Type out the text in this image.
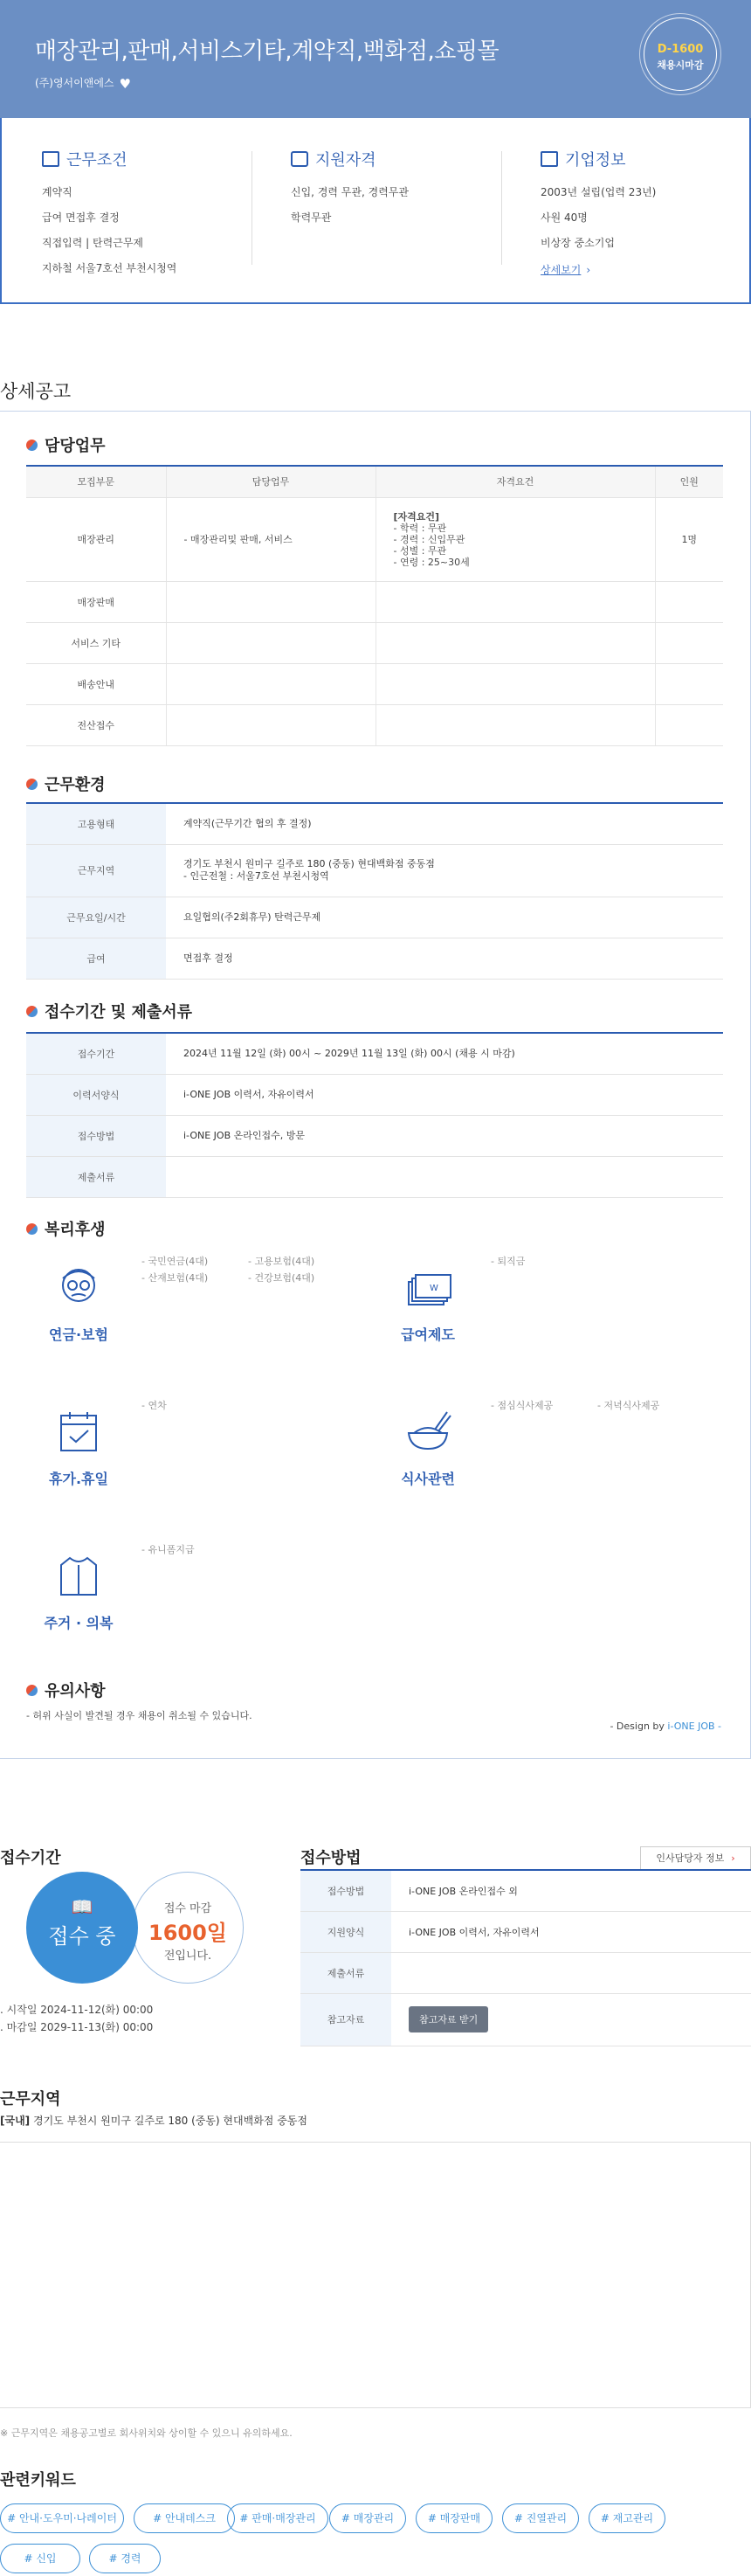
매장관리,판매,서비스기타,계약직,백화점,쇼핑몰
(주)영서이앤에스 ♥
D-1600
채용시마감
근무조건
계약직
급여 면접후 결정
직접입력 | 탄력근무제
지하철 서울7호선 부천시청역
지원자격
신입, 경력 무관, 경력무관
학력무관
기업정보
2003년 설립(업력 23년)
사원 40명
비상장 중소기업
상세보기 ›
상세공고
담당업무
모집부문	담당업무	자격요건	인원
매장관리	- 매장관리및 판매, 서비스	[자격요건]
- 학력 : 무관
- 경력 : 신입무관
- 성별 : 무관
- 연령 : 25~30세	1명
매장판매			
서비스 기타			
배송안내			
전산접수			
근무환경
고용형태	계약직(근무기간 협의 후 결정)
근무지역	경기도 부천시 원미구 길주로 180 (중동) 현대백화점 중동점
- 인근전철 : 서울7호선 부천시청역

근무요일/시간	요일협의(주2회휴무) 탄력근무제
급여	면접후 결정
접수기간 및 제출서류
접수기간	2024년 11월 12일 (화) 00시 ~ 2029년 11월 13일 (화) 00시 (채용 시 마감)
이력서양식	i-ONE JOB 이력서, 자유이력서
접수방법	i-ONE JOB 온라인접수, 방문
제출서류	
복리후생
연금·보험
- 국민연금(4대)	- 고용보험(4대)
- 산재보험(4대)	- 건강보험(4대)
W
급여제도
- 퇴직금
휴가.휴일
- 연차
식사관련
- 점심식사제공	- 저녁식사제공
주거 · 의복
- 유니폼지급
유의사항
- 허위 사실이 발견될 경우 채용이 취소될 수 있습니다.
- Design by i-ONE JOB -
접수기간
접수 마감
1600일
전입니다.
📖
접수 중
. 시작일 2024-11-12(화) 00:00
. 마감일 2029-11-13(화) 00:00
접수방법	인사담당자 정보 ›
접수방법	i-ONE JOB 온라인접수 외
지원양식	i-ONE JOB 이력서, 자유이력서
제출서류	
참고자료	참고자료 받기
근무지역
[국내] 경기도 부천시 원미구 길주로 180 (중동) 현대백화점 중동점
※ 근무지역은 채용공고별로 회사위치와 상이할 수 있으니 유의하세요.
관련키워드
# 안내·도우미·나레이터	# 안내데스크	# 판매·매장관리	# 매장관리	# 매장판매	# 진열관리	# 재고관리
# 신입	# 경력
